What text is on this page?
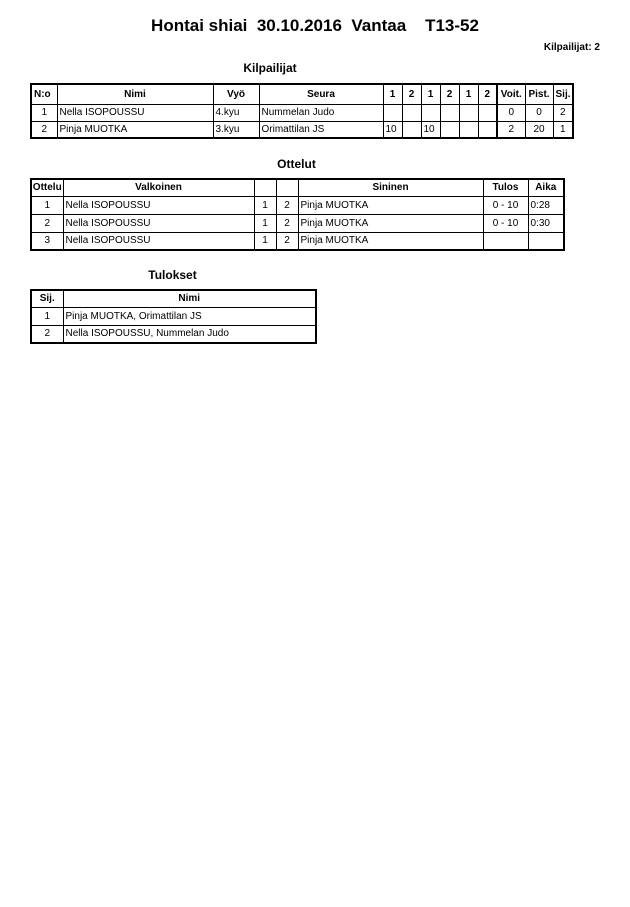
Hontai shiai  30.10.2016  Vantaa    T13-52
Kilpailijat: 2
Kilpailijat
N:o	Nimi	Vyö	Seura	1	2	1	2	1	2	Voit.	Pist.	Sij.
1	Nella ISOPOUSSU	4.kyu	Nummelan Judo							0	0	2
2	Pinja MUOTKA	3.kyu	Orimattilan JS	10		10				2	20	1
Ottelut
Ottelu	Valkoinen			Sininen	Tulos	Aika
1	Nella ISOPOUSSU	1	2	Pinja MUOTKA	0 - 10	0:28
2	Nella ISOPOUSSU	1	2	Pinja MUOTKA	0 - 10	0:30
3	Nella ISOPOUSSU	1	2	Pinja MUOTKA		
Tulokset
Sij.	Nimi
1	Pinja MUOTKA, Orimattilan JS
2	Nella ISOPOUSSU, Nummelan Judo
